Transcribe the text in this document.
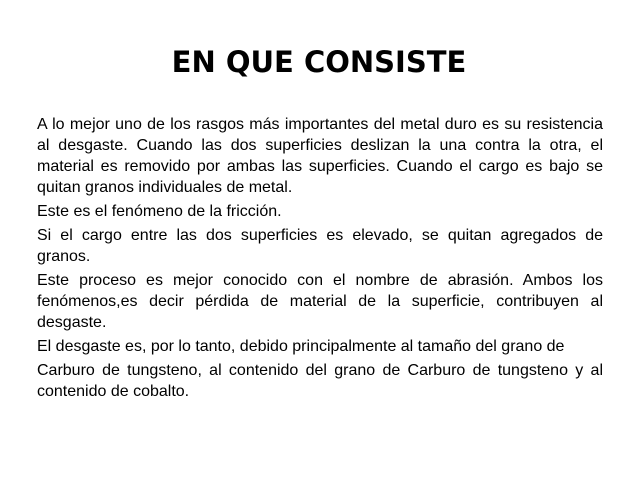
EN QUE CONSISTE

A lo mejor uno de los rasgos más importantes del metal duro es su resistencia al desgaste. Cuando las dos superficies deslizan la una contra la otra, el material es removido por ambas las superficies. Cuando el cargo es bajo se quitan granos individuales de metal.

Este es el fenómeno de la fricción.

Si el cargo entre las dos superficies es elevado, se quitan agregados de granos.

Este proceso es mejor conocido con el nombre de abrasión. Ambos los fenómenos,es decir pérdida de material de la superficie, contribuyen al desgaste.

El desgaste es, por lo tanto, debido principalmente al tamaño del grano de

Carburo de tungsteno, al contenido del grano de Carburo de tungsteno y al contenido de cobalto.
